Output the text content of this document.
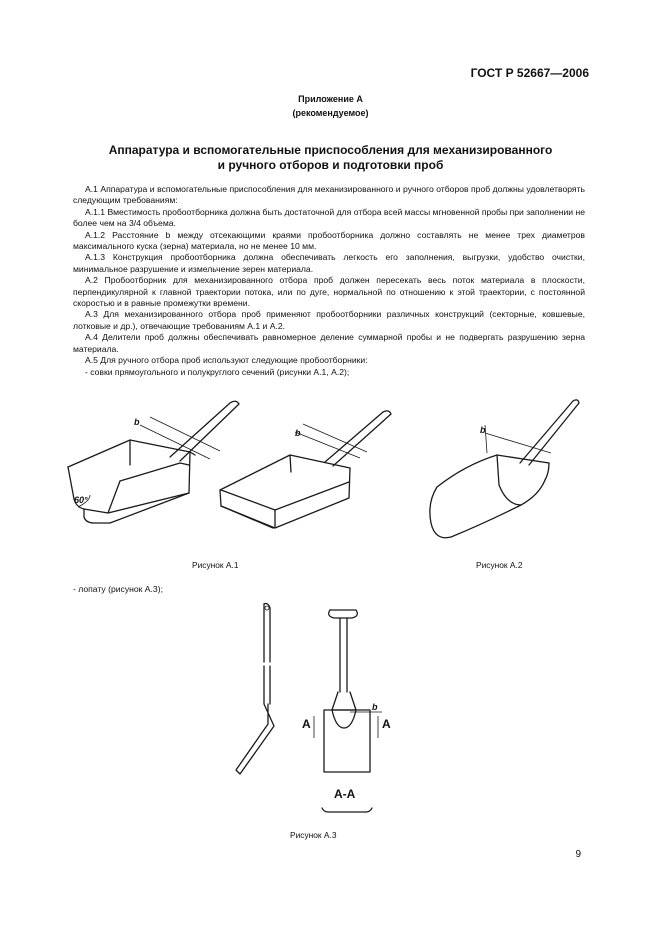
ГОСТ Р 52667—2006
Приложение А
(рекомендуемое)
Аппаратура и вспомогательные приспособления для механизированного
и ручного отборов и подготовки проб

А.1 Аппаратура и вспомогательные приспособления для механизированного и ручного отборов проб должны удовлетворять следующим требованиям:

А.1.1 Вместимость пробоотборника должна быть достаточной для отбора всей массы мгновенной пробы при заполнении не более чем на 3/4 объема.

А.1.2 Расстояние b между отсекающими краями пробоотборника должно составлять не менее трех диаметров максимального куска (зерна) материала, но не менее 10 мм.

А.1.3 Конструкция пробоотборника должна обеспечивать легкость его заполнения, выгрузки, удобство очистки, минимальное разрушение и измельчение зерен материала.

А.2 Пробоотборник для механизированного отбора проб должен пересекать весь поток материала в плоскости, перпендикулярной к главной траектории потока, или по дуге, нормальной по отношению к этой траектории, с постоянной скоростью и в равные промежутки времени.

А.3 Для механизированного отбора проб применяют пробоотборники различных конструкций (секторные, ковшевые, лотковые и др.), отвечающие требованиям А.1 и А.2.

А.4 Делители проб должны обеспечивать равномерное деление суммарной пробы и не подвергать разрушению зерна материала.

А.5 Для ручного отбора проб используют следующие пробоотборники:

- совки прямоугольного и полукруглого сечений (рисунки А.1, А.2);

b
60°
b	b
Рисунок А.1	Рисунок А.2
- лопату (рисунок А.3);
А	А
b
А-А
Рисунок А.3
9
